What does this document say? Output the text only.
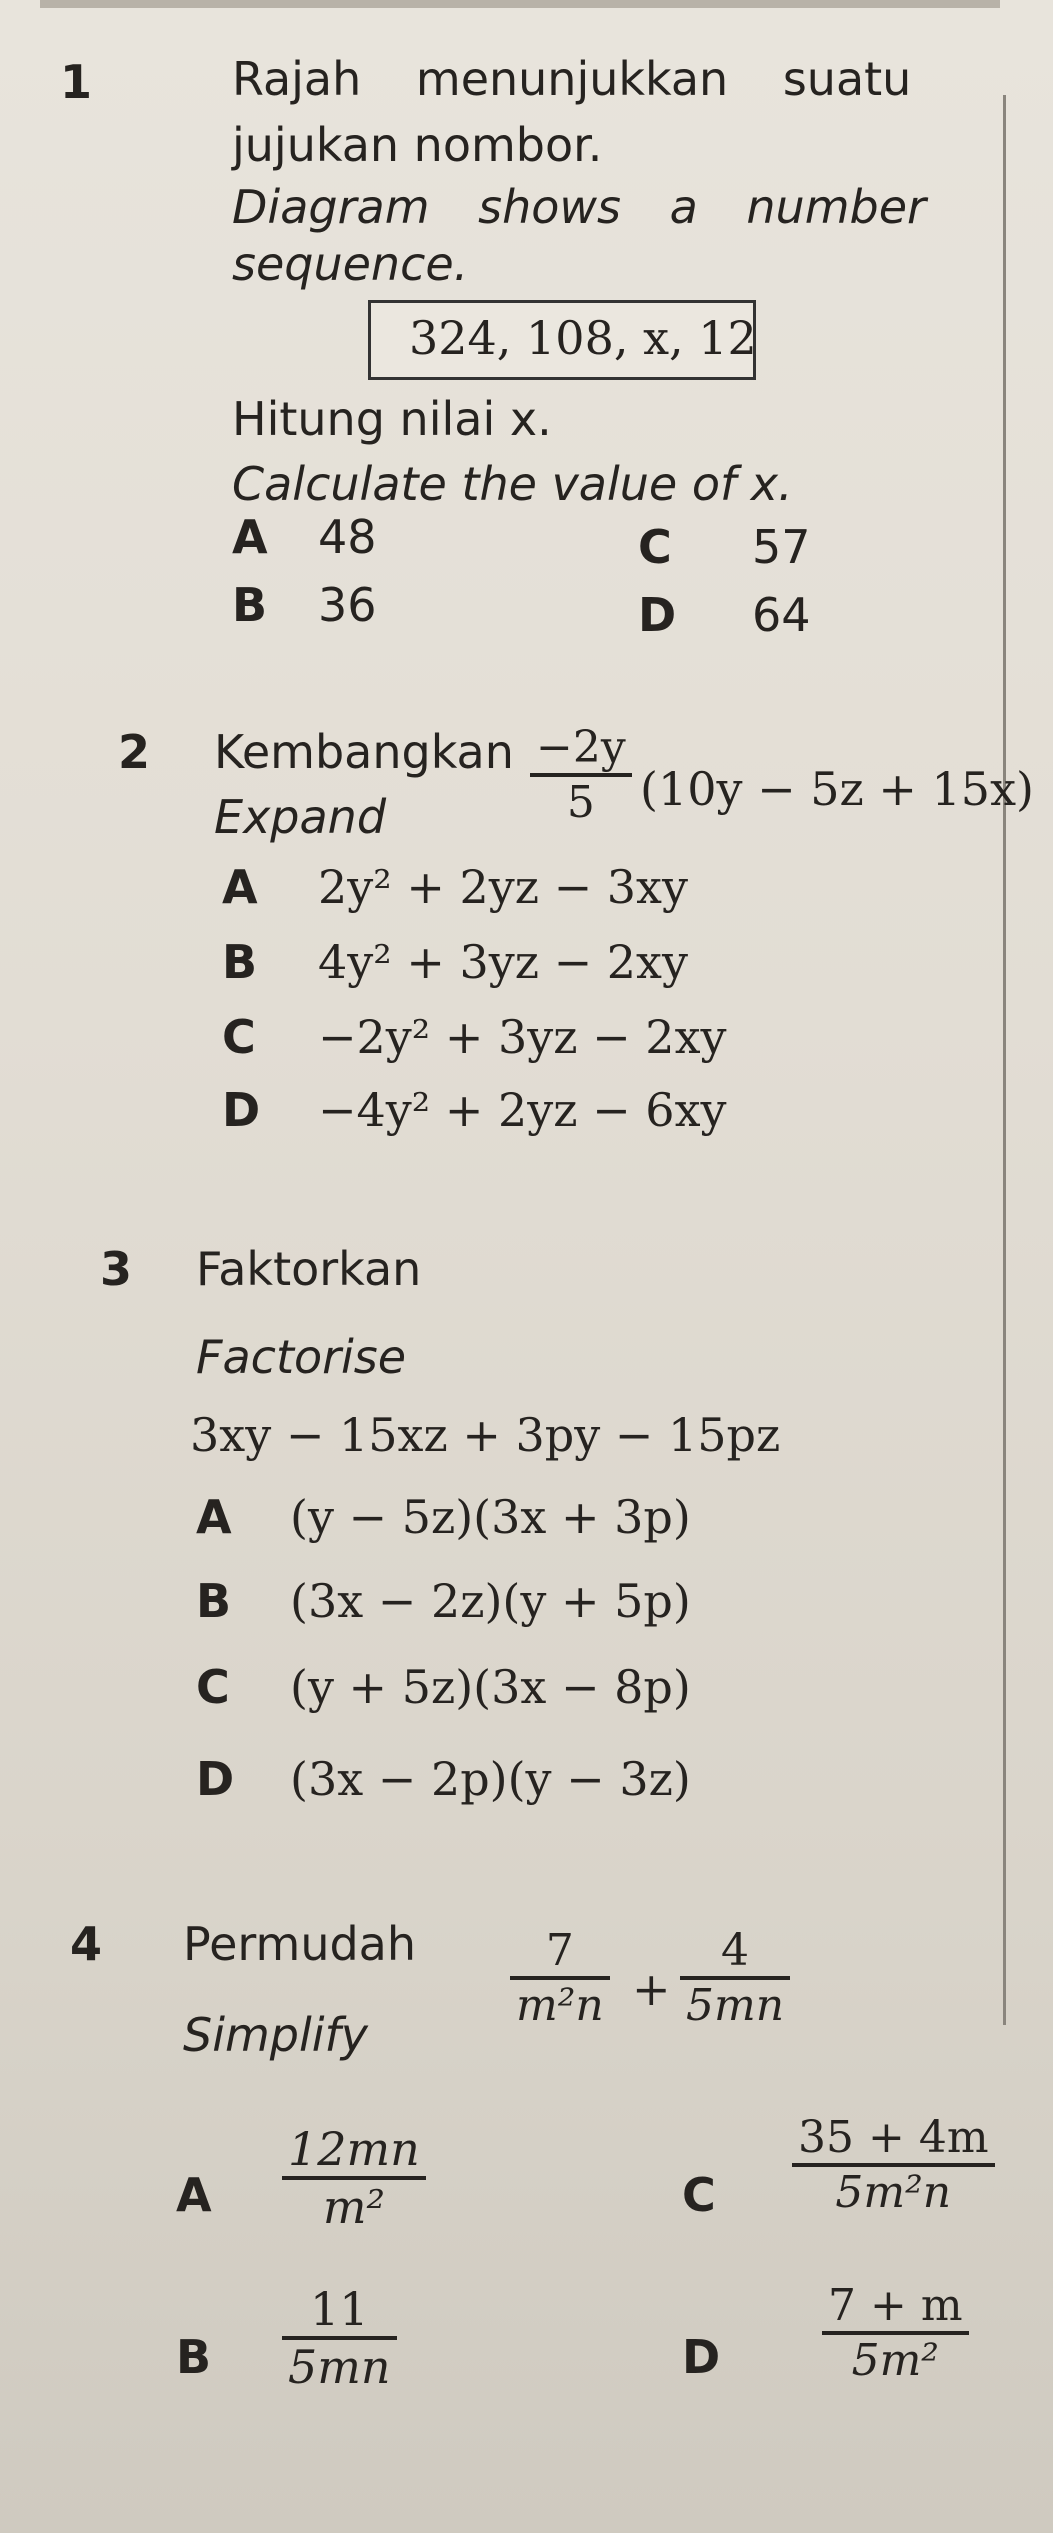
1	Rajah menunjukkan suatu
jujukan nombor.
Diagram shows a number
sequence.
324, 108, x, 12
Hitung nilai x.
Calculate the value of x.
A 48
B 36
C 57
D 64
2 Kembangkan
Expand	$\frac{-2y}{5} (10y - 5z + 15x)$
A 2y² + 2yz − 3xy
B 4y² + 3yz − 2xy
C −2y² + 3yz − 2xy
D −4y² + 2yz − 6xy
3 Faktorkan
Factorise
3xy − 15xz + 3py − 15pz
A (y − 5z)(3x + 3p)
B (3x − 2z)(y + 5p)
C (y + 5z)(3x − 8p)
D (3x − 2p)(y − 3z)
4 Permudah
Simplify
$\frac{7}{\text{m²n}} + \frac{4}{5mn}$
A $\frac{12mn}{\text{m²}}$
B $\frac{11}{5mn}$
C $\frac{35 + 4m}{\text{5m²n}}$
D $\frac{7 + m}{\text{5m²}}$
